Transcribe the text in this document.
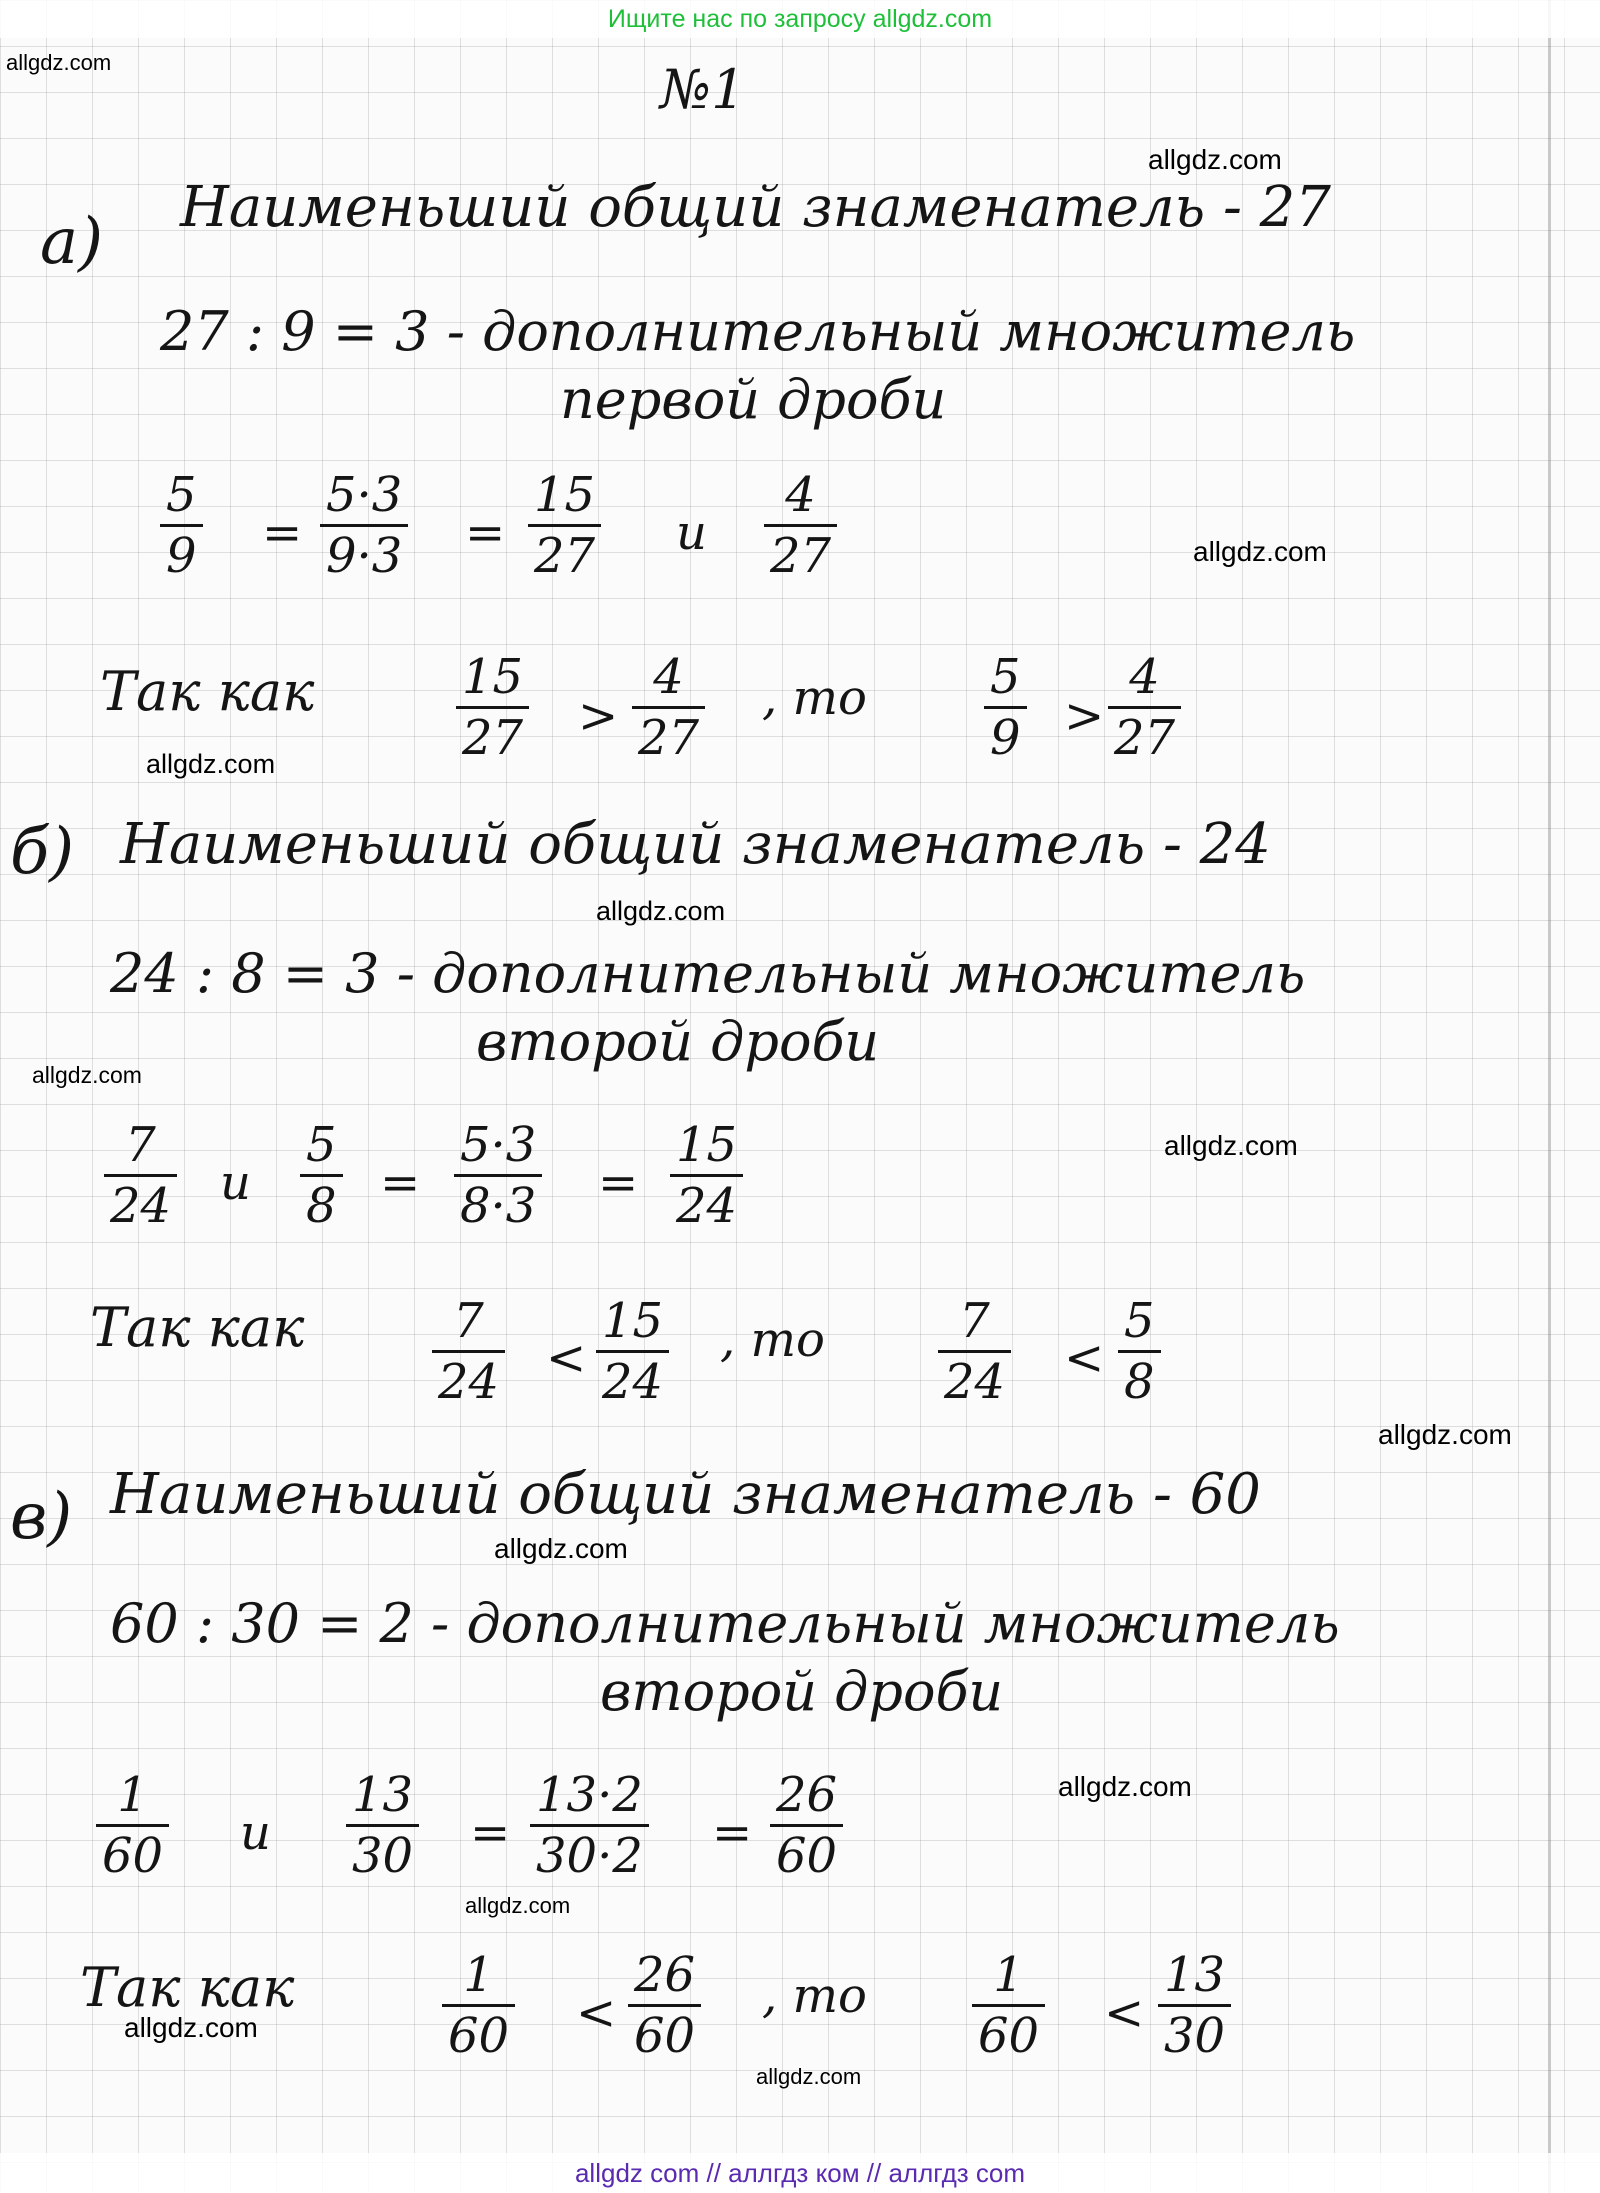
Ищите нас по запросу allgdz.com
allgdz.com
allgdz.com
allgdz.com
allgdz.com
allgdz.com
allgdz.com
allgdz.com
allgdz.com
allgdz.com
allgdz.com
allgdz.com
allgdz.com
allgdz.com
№1
а) Наименьший общий знаменатель - 27
27 : 9 = 3 - дополнительный множитель
первой дроби
5
9 =
5·3
9·3 =
15
27 и
4
27
Так как	15
27 >
4
27
, то	5
9 >
4
27
б) Наименьший общий знаменатель - 24
24 : 8 = 3 - дополнительный множитель
второй дроби
7
24 и
5
8 =
5·3
8·3 =
15
24
Так как	7
24 <
15
24
, то	7
24 <
5
8
в) Наименьший общий знаменатель - 60
60 : 30 = 2 - дополнительный множитель
второй дроби
1
60 и
13
30 =
13·2
30·2 =
26
60
Так как	1
60 <
26
60
, то	1
60 <
13
30
allgdz com // аллгдз ком // аллгдз com
